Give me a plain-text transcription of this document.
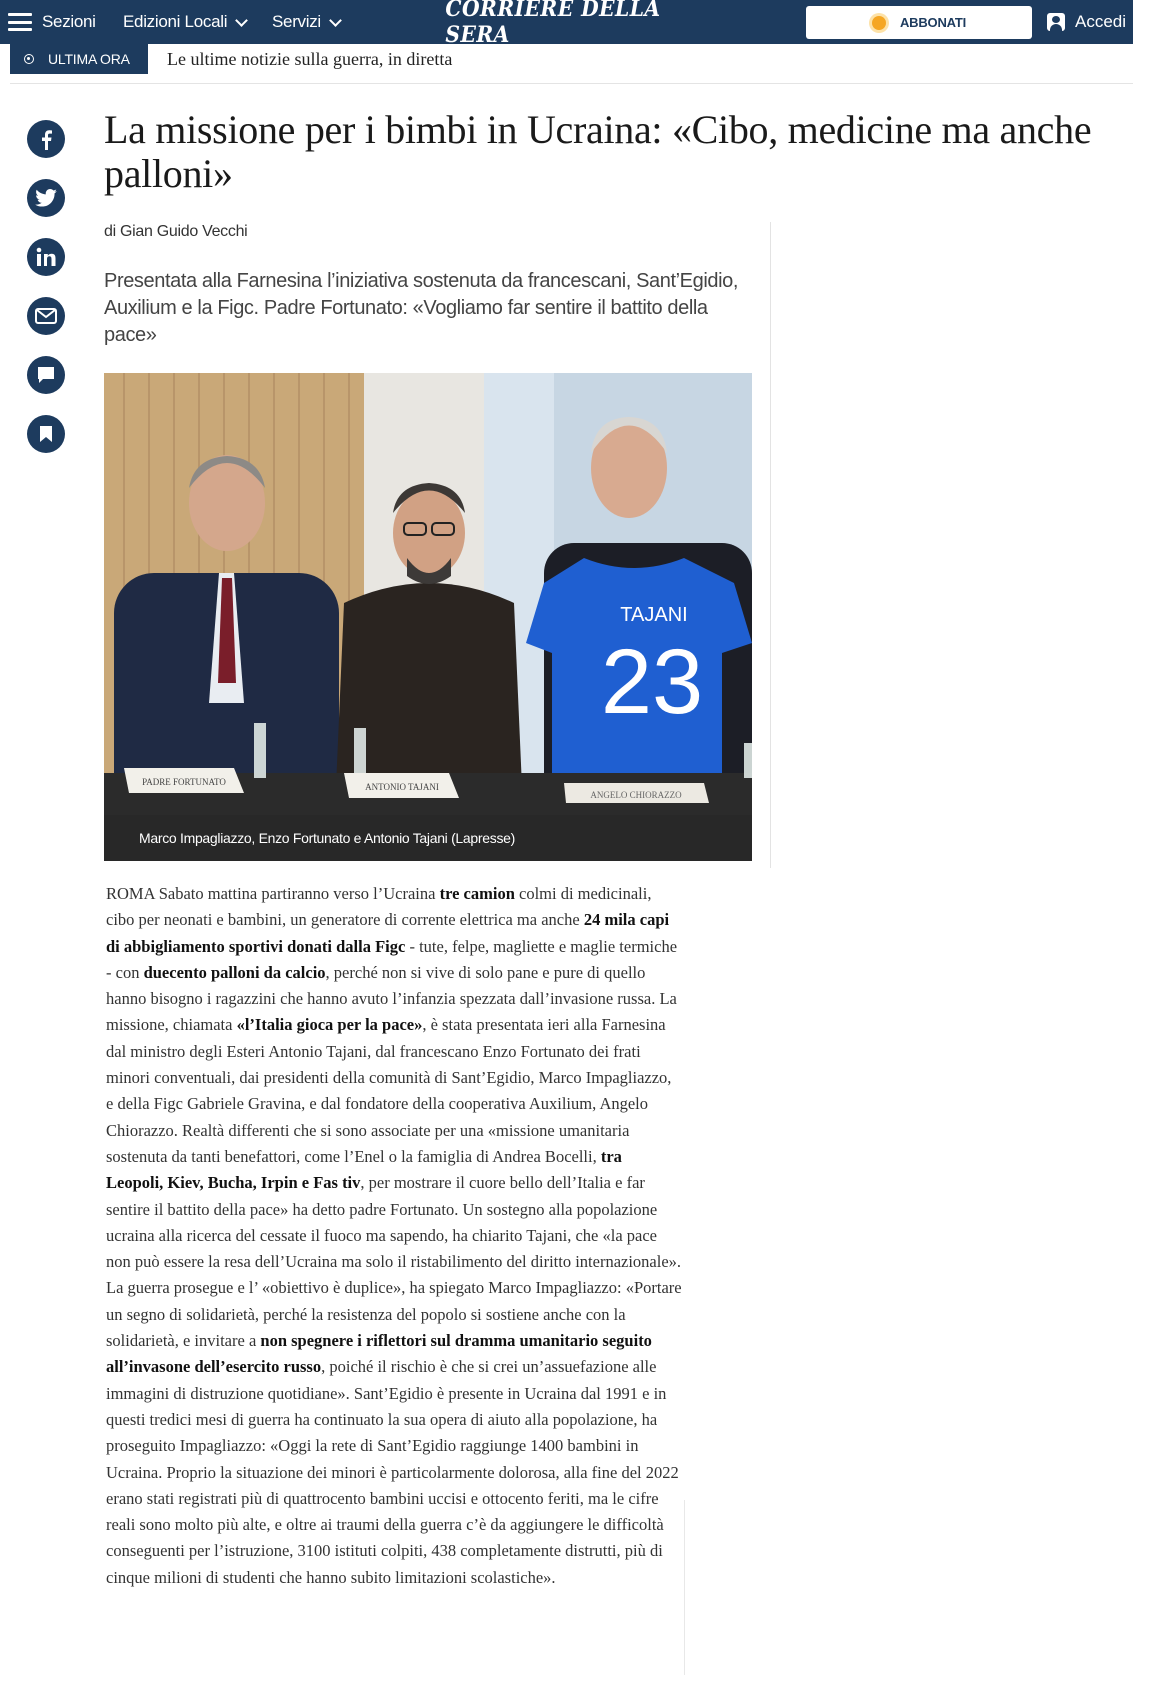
Sezioni Edizioni Locali	Servizi	CORRIERE DELLA SERA	ABBONATI	Accedi
ULTIMA ORA Le ultime notizie sulla guerra, in diretta
La missione per i bimbi in Ucraina: «Cibo, medicine ma anche palloni»
di Gian Guido Vecchi
Presentata alla Farnesina l’iniziativa sostenuta da francescani, Sant’Egidio, Auxilium e la Figc. Padre Fortunato: «Vogliamo far sentire il battito della pace»
TAJANI
23
PADRE FORTUNATO	ANTONIO TAJANI
ANGELO CHIORAZZO
Marco Impagliazzo, Enzo Fortunato e Antonio Tajani (Lapresse)
ROMA Sabato mattina partiranno verso l’Ucraina tre camion colmi di medicinali, cibo per neonati e bambini, un generatore di corrente elettrica ma anche 24 mila capi di abbigliamento sportivi donati dalla Figc - tute, felpe, magliette e maglie termiche - con duecento palloni da calcio, perché non si vive di solo pane e pure di quello hanno bisogno i ragazzini che hanno avuto l’infanzia spezzata dall’invasione russa. La missione, chiamata «l’Italia gioca per la pace», è stata presentata ieri alla Farnesina dal ministro degli Esteri Antonio Tajani, dal francescano Enzo Fortunato dei frati minori conventuali, dai presidenti della comunità di Sant’Egidio, Marco Impagliazzo, e della Figc Gabriele Gravina, e dal fondatore della cooperativa Auxilium, Angelo Chiorazzo. Realtà differenti che si sono associate per una «missione umanitaria sostenuta da tanti benefattori, come l’Enel o la famiglia di Andrea Bocelli, tra Leopoli, Kiev, Bucha, Irpin e Fas tiv, per mostrare il cuore bello dell’Italia e far sentire il battito della pace» ha detto padre Fortunato. Un sostegno alla popolazione ucraina alla ricerca del cessate il fuoco ma sapendo, ha chiarito Tajani, che «la pace non può essere la resa dell’Ucraina ma solo il ristabilimento del diritto internazionale». La guerra prosegue e l’ «obiettivo è duplice», ha spiegato Marco Impagliazzo: «Portare un segno di solidarietà, perché la resistenza del popolo si sostiene anche con la solidarietà, e invitare a non spegnere i riflettori sul dramma umanitario seguito all’invasone dell’esercito russo, poiché il rischio è che si crei un’assuefazione alle immagini di distruzione quotidiane». Sant’Egidio è presente in Ucraina dal 1991 e in questi tredici mesi di guerra ha continuato la sua opera di aiuto alla popolazione, ha proseguito Impagliazzo: «Oggi la rete di Sant’Egidio raggiunge 1400 bambini in Ucraina. Proprio la situazione dei minori è particolarmente dolorosa, alla fine del 2022 erano stati registrati più di quattrocento bambini uccisi e ottocento feriti, ma le cifre reali sono molto più alte, e oltre ai traumi della guerra c’è da aggiungere le difficoltà conseguenti per l’istruzione, 3100 istituti colpiti, 438 completamente distrutti, più di cinque milioni di studenti che hanno subito limitazioni scolastiche».
